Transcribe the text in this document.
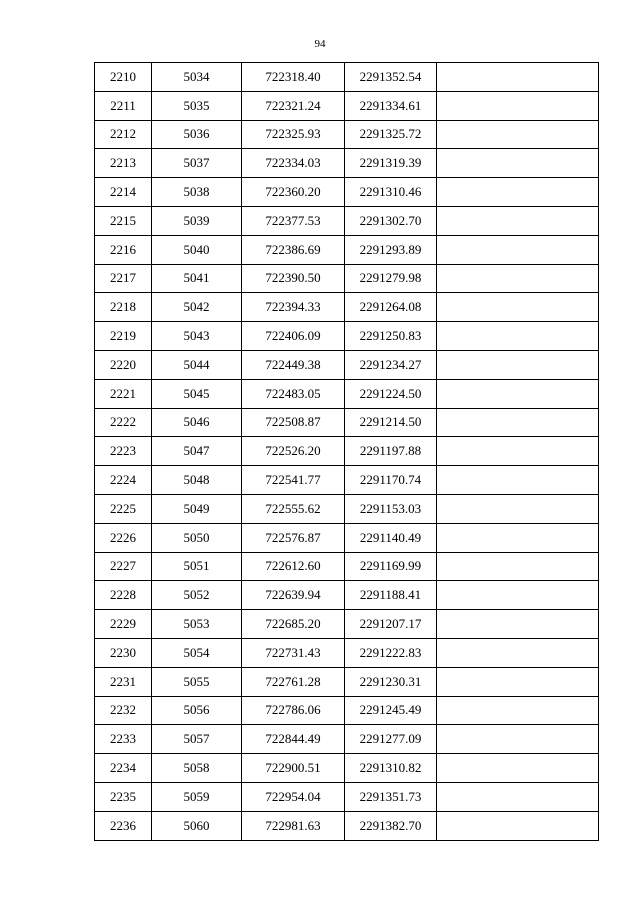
94
2210	5034	722318.40	2291352.54	
2211	5035	722321.24	2291334.61	
2212	5036	722325.93	2291325.72	
2213	5037	722334.03	2291319.39	
2214	5038	722360.20	2291310.46	
2215	5039	722377.53	2291302.70	
2216	5040	722386.69	2291293.89	
2217	5041	722390.50	2291279.98	
2218	5042	722394.33	2291264.08	
2219	5043	722406.09	2291250.83	
2220	5044	722449.38	2291234.27	
2221	5045	722483.05	2291224.50	
2222	5046	722508.87	2291214.50	
2223	5047	722526.20	2291197.88	
2224	5048	722541.77	2291170.74	
2225	5049	722555.62	2291153.03	
2226	5050	722576.87	2291140.49	
2227	5051	722612.60	2291169.99	
2228	5052	722639.94	2291188.41	
2229	5053	722685.20	2291207.17	
2230	5054	722731.43	2291222.83	
2231	5055	722761.28	2291230.31	
2232	5056	722786.06	2291245.49	
2233	5057	722844.49	2291277.09	
2234	5058	722900.51	2291310.82	
2235	5059	722954.04	2291351.73	
2236	5060	722981.63	2291382.70	
